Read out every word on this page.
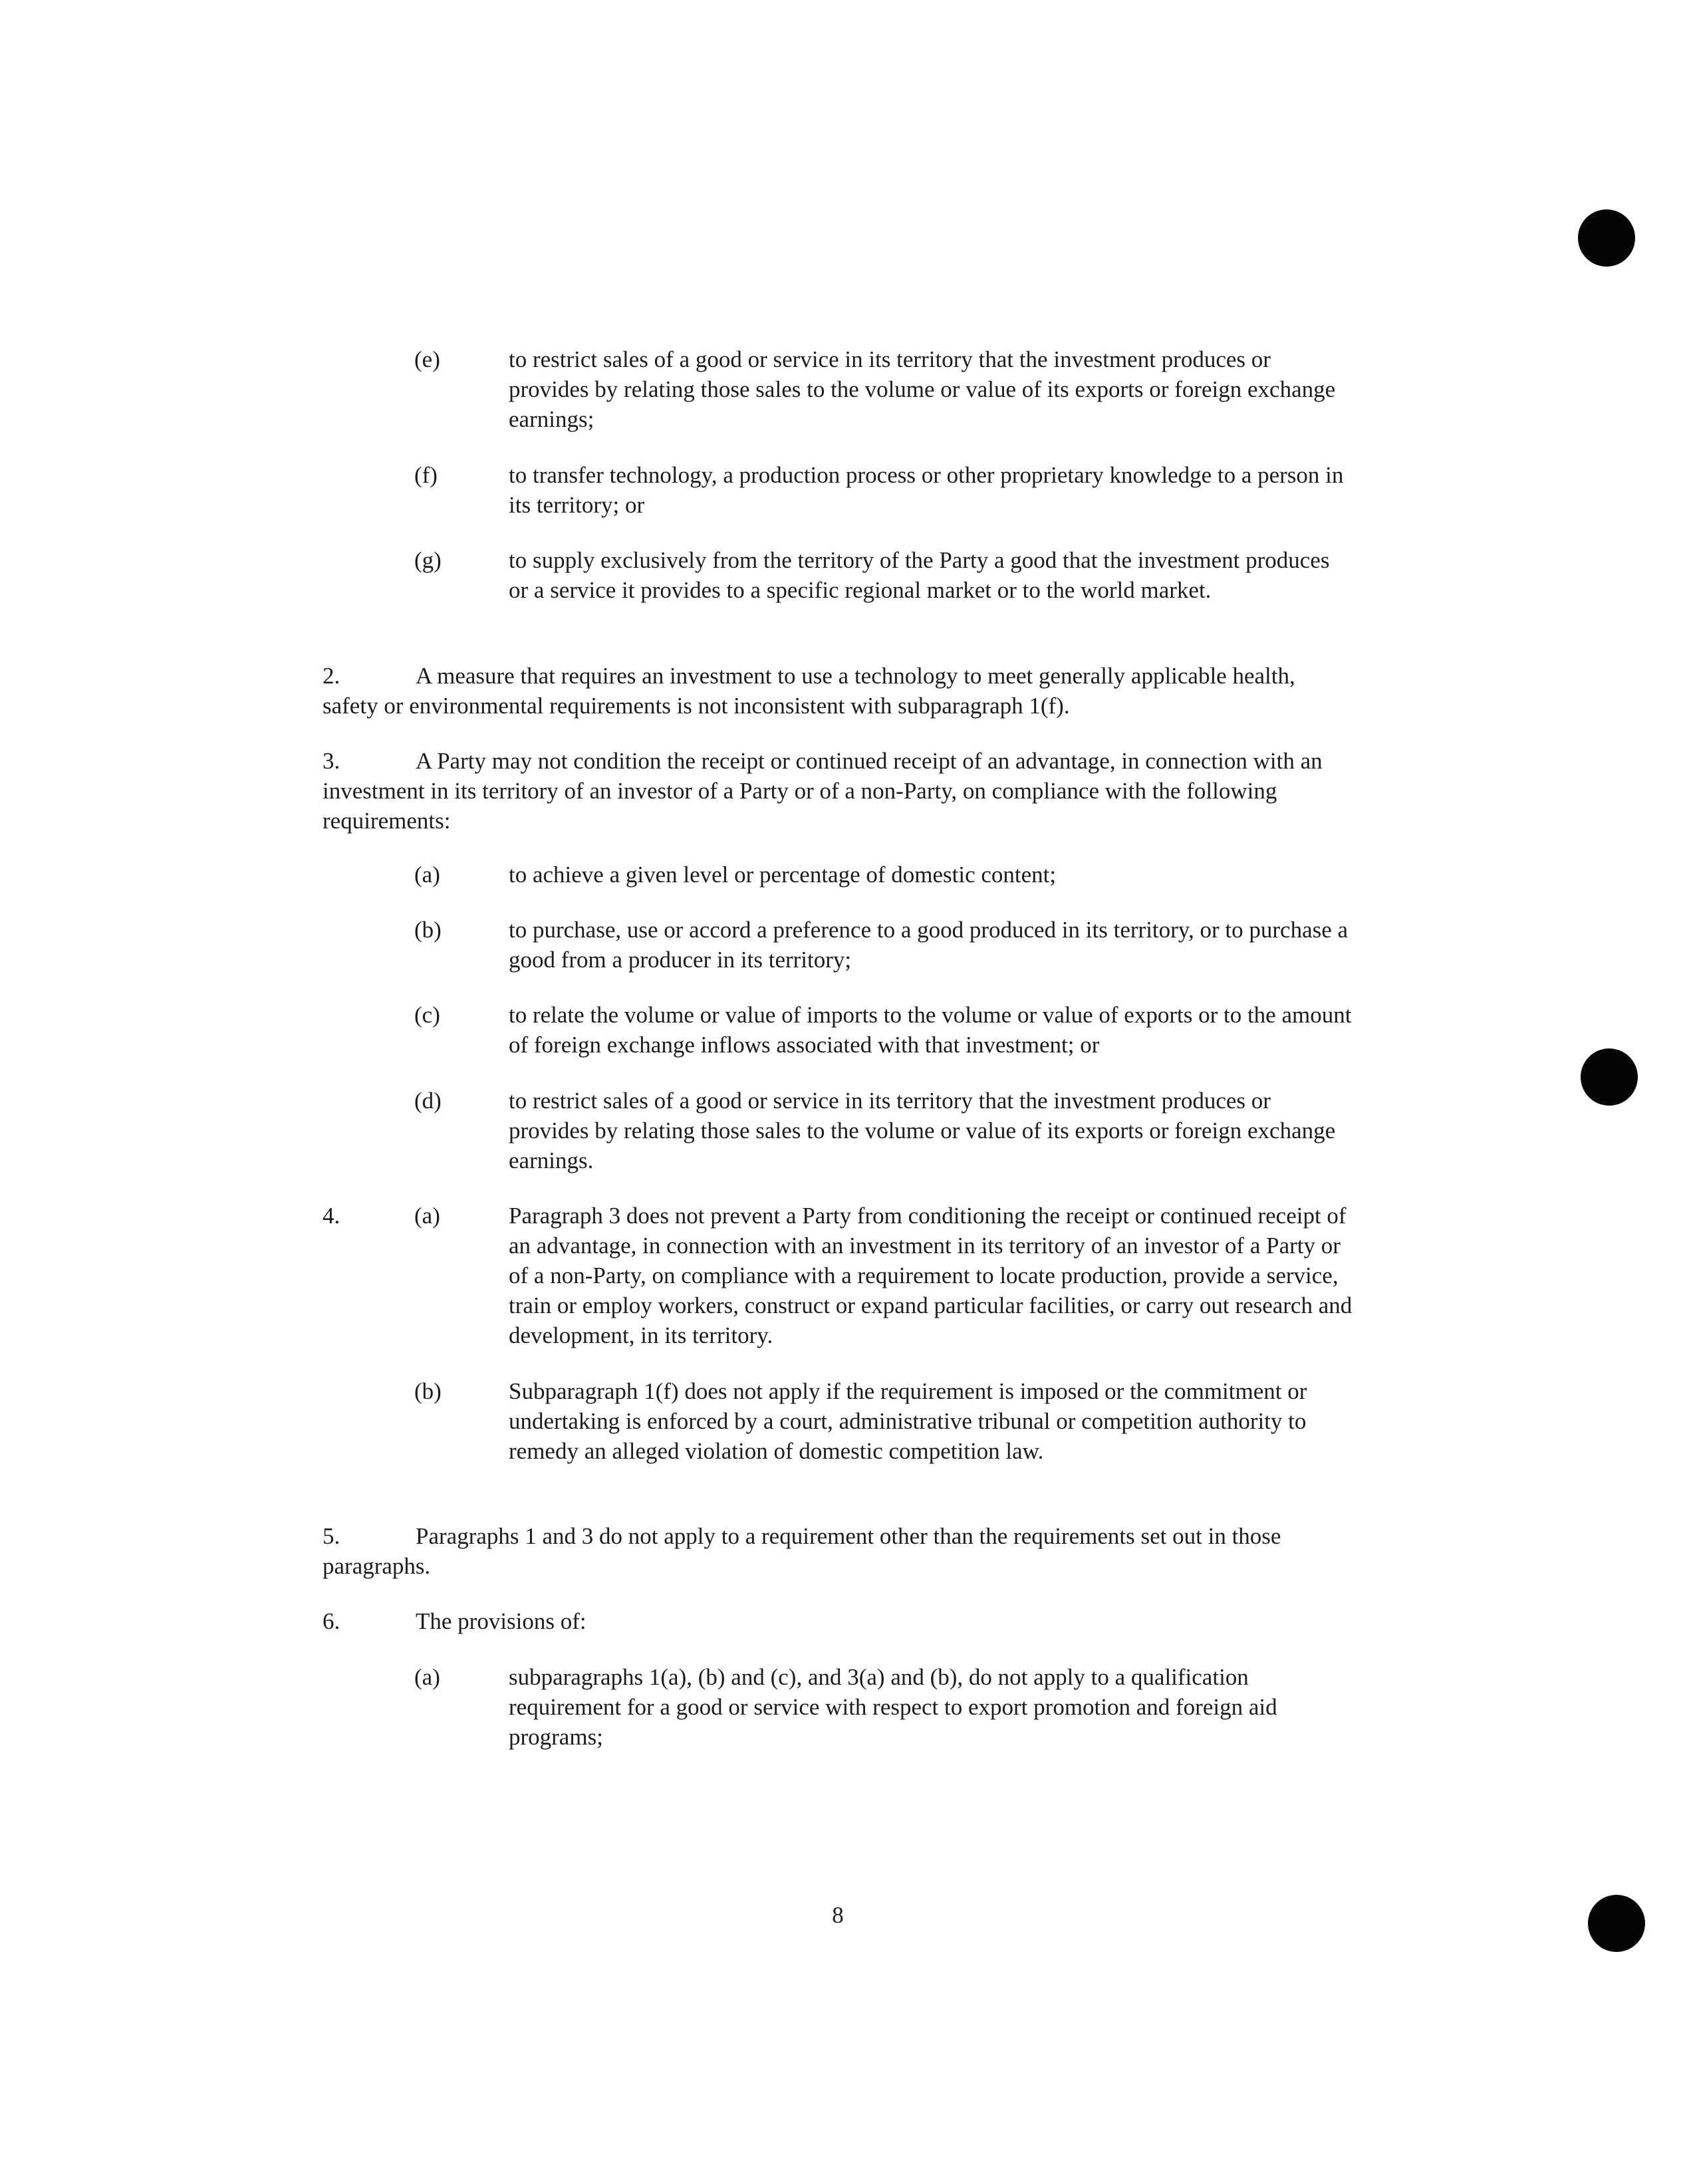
(e)	to restrict sales of a good or service in its territory that the investment produces or provides by relating those sales to the volume or value of its exports or foreign exchange earnings;
(f)	to transfer technology, a production process or other proprietary knowledge to a person in its territory; or
(g)	to supply exclusively from the territory of the Party a good that the investment produces or a service it provides to a specific regional market or to the world market.
2.	A measure that requires an investment to use a technology to meet generally applicable health, safety or environmental requirements is not inconsistent with subparagraph 1(f).
3.	A Party may not condition the receipt or continued receipt of an advantage, in connection with an investment in its territory of an investor of a Party or of a non-Party, on compliance with the following requirements:
(a)	to achieve a given level or percentage of domestic content;
(b)	to purchase, use or accord a preference to a good produced in its territory, or to purchase a good from a producer in its territory;
(c)	to relate the volume or value of imports to the volume or value of exports or to the amount of foreign exchange inflows associated with that investment; or
(d)	to restrict sales of a good or service in its territory that the investment produces or provides by relating those sales to the volume or value of its exports or foreign exchange earnings.
4.	(a)	Paragraph 3 does not prevent a Party from conditioning the receipt or continued receipt of an advantage, in connection with an investment in its territory of an investor of a Party or of a non-Party, on compliance with a requirement to locate production, provide a service, train or employ workers, construct or expand particular facilities, or carry out research and development, in its territory.
(b)	Subparagraph 1(f) does not apply if the requirement is imposed or the commitment or undertaking is enforced by a court, administrative tribunal or competition authority to remedy an alleged violation of domestic competition law.
5.	Paragraphs 1 and 3 do not apply to a requirement other than the requirements set out in those paragraphs.
6.	The provisions of:
(a)	subparagraphs 1(a), (b) and (c), and 3(a) and (b), do not apply to a qualification requirement for a good or service with respect to export promotion and foreign aid programs;
8
